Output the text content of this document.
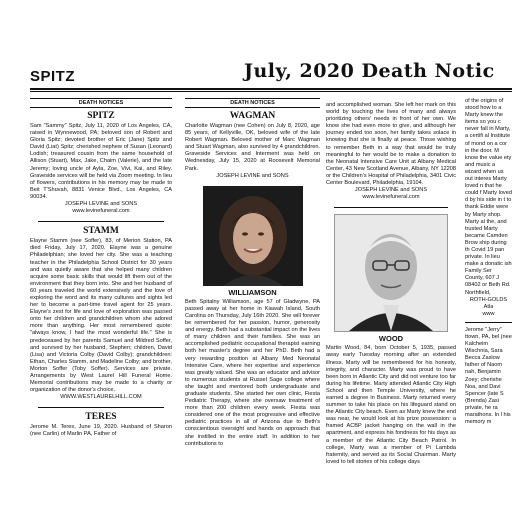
SPITZ	July, 2020 Death Notic
DEATH NOTICES
SPITZ

Sam "Sammy" Spitz, July 11, 2020 of Los Angeles, CA, raised in Wynnewood, PA; beloved son of Robert and Gloria Spitz; devoted brother of Eric (Jane) Spitz and David (Liat) Spitz; cherished nephew of Susan (Leonard) Lodish; treasured cousin from the same household of Allison (Stuart), Max, Jake, Chaim (Valerie), and the late Jeremy; loving uncle of Ayla, Zoe, Vivi, Kai, and Riley. Graveside services will be held via Zoom meeting. In lieu of flowers, contributions in his memory may be made to Beit T'Shuvah, 8831 Venice Blvd., Los Angeles, CA 90034.

JOSEPH LEVINE and SONS

www.levinefuneral.com

STAMM

Elayne Stamm (nee Soffer), 83, of Merion Station, PA died Friday, July 17, 2020. Elayne was a genuine Philadelphian; she loved her city. She was a teaching teacher in the Philadelphia School District for 30 years and was quietly aware that she helped many children acquire some basic skills that would lift them out of the environment that they born into. She and her husband of 60 years traveled the world extensively and the love of exploring the word and its many cultures and sights led her to become a part-time travel agent for 25 years. Elayne's zest for life and love of exploration was passed onto her children and grandchildren whom she adored more than anything. Her most remembered quote: "always know, I had the most wonderful life." She is predeceased by her parents Samuel and Mildred Soffer, and survived by her husband, Stephen; children, David (Lisa) and Victoria Colby (David Colby); grandchildren: Ethan, Charles Stamm, and Madeline Colby; and brother, Morton Soffer (Toby Soffer). Services are private. Arrangements by West Laurel Hill Funeral Home. Memorial contributions may be made to a charity or organization of the donor's choice.

WWW.WESTLAURELHILL.COM

TERES

Jerome M. Teres, June 19, 2020. Husband of Sharon (nee Carlin) of Marlin PA, Father of

DEATH NOTICES
WAGMAN

Charlotte Wagman (nee Cohen) on July 8, 2020, age 85 years, of Kellyville, OK, beloved wife of the late Robert Wagman. Beloved mother of Marc Wagman and Stuart Wagman, also survived by 4 grandchildren. Graveside Services and Interment was held on Wednesday, July 15, 2020 at Roosevelt Memorial Park.

JOSEPH LEVINE and SONS

WILLIAMSON

Beth Spitalny Williamson, age 57 of Gladwyne, PA passed away at her home in Kiawah Island, South Carolina on Thursday, July 16th 2020. She will forever be remembered for her passion, humor, generosity and energy. Beth had a substantial impact on the lives of many children and their families. She was an accomplished pediatric occupational therapist earning both her master's degree and her PhD. Beth had a very rewarding position at Albany Med Neonatal Intensive Care, where her expertise and experience was greatly valued. She was an educator and advisor to numerous students at Russel Sage college where she taught and mentored both undergraduate and graduate students. She started her own clinic, Fiesta Pediatric Therapy, where she oversaw treatment of more than 200 children every week. Fiesta was considered one of the most progressive and effective pediatric practices in all of Arizona due to Beth's conscientious oversight and hands on approach that she instilled in the entire staff. In addition to her contributions to

and accomplished woman. She left her mark on this world by touching the lives of many and always prioritizing others' needs in front of her own. We know she had even more to give, and although her journey ended too soon, her family takes solace in knowing that she is finally at peace. Those wishing to remember Beth in a way that would be truly meaningful to her would be to make a donation to the Neonatal Intensive Care Unit at Albany Medical Center, 43 New Scotland Avenue, Albany, NY 12208 or the Children's Hospital of Philadelphia, 3401 Civic Center Boulevard, Philadelphia, 19104.

JOSEPH LEVINE and SONS

www.levinefuneral.com

WOOD

Martin Wood, 84, born October 5, 1935, passed away early Tuesday morning after an extended illness. Marty will be remembered for his honesty, integrity, and character. Marty was proud to have been born in Atlantic City and did not venture too far during his lifetime. Marty attended Atlantic City High School and then Temple University, where he earned a degree in Business. Marty returned every summer to take his place on his lifeguard stand on the Atlantic City beach. Even as Marty knew the end was near, he would look at his prize possession: a framed ACBP jacket hanging on the wall in the apartment, and express his fondness for his days as a member of the Atlantic City Beach Patrol. In college, Marty was a member of Pi Lambda fraternity, and served as its Social Chairman. Marty loved to tell stories of his college days

of the origins of stood how to a Marty knew the items so you c never fall in Marty, a certifi al Institute of mond on a cor in the door. M know the value ety and music a wizard when us out interes Marty loved n that he could f Marty loved d by his side in t to thank Eddie were by Marty shop. Marty al the, and trusted Marty became Camden Brow ship during th Covid 19 pan private. In lieu make a donatic ish Family Ser County, 607 J 08402 or Beth Rd. Northfield,

ROTH-GOLDS

Atla

www

Jerome "Jerry" ttown, PA, bel (nee Kalcheim Wischnia, Sara Becca Zaslow father of Naom nah, Benjamin Zoey; cherishe Noa, and Davi Spencer (late S (Brenda) Zasi private, he ra marathons. In l his memory m
